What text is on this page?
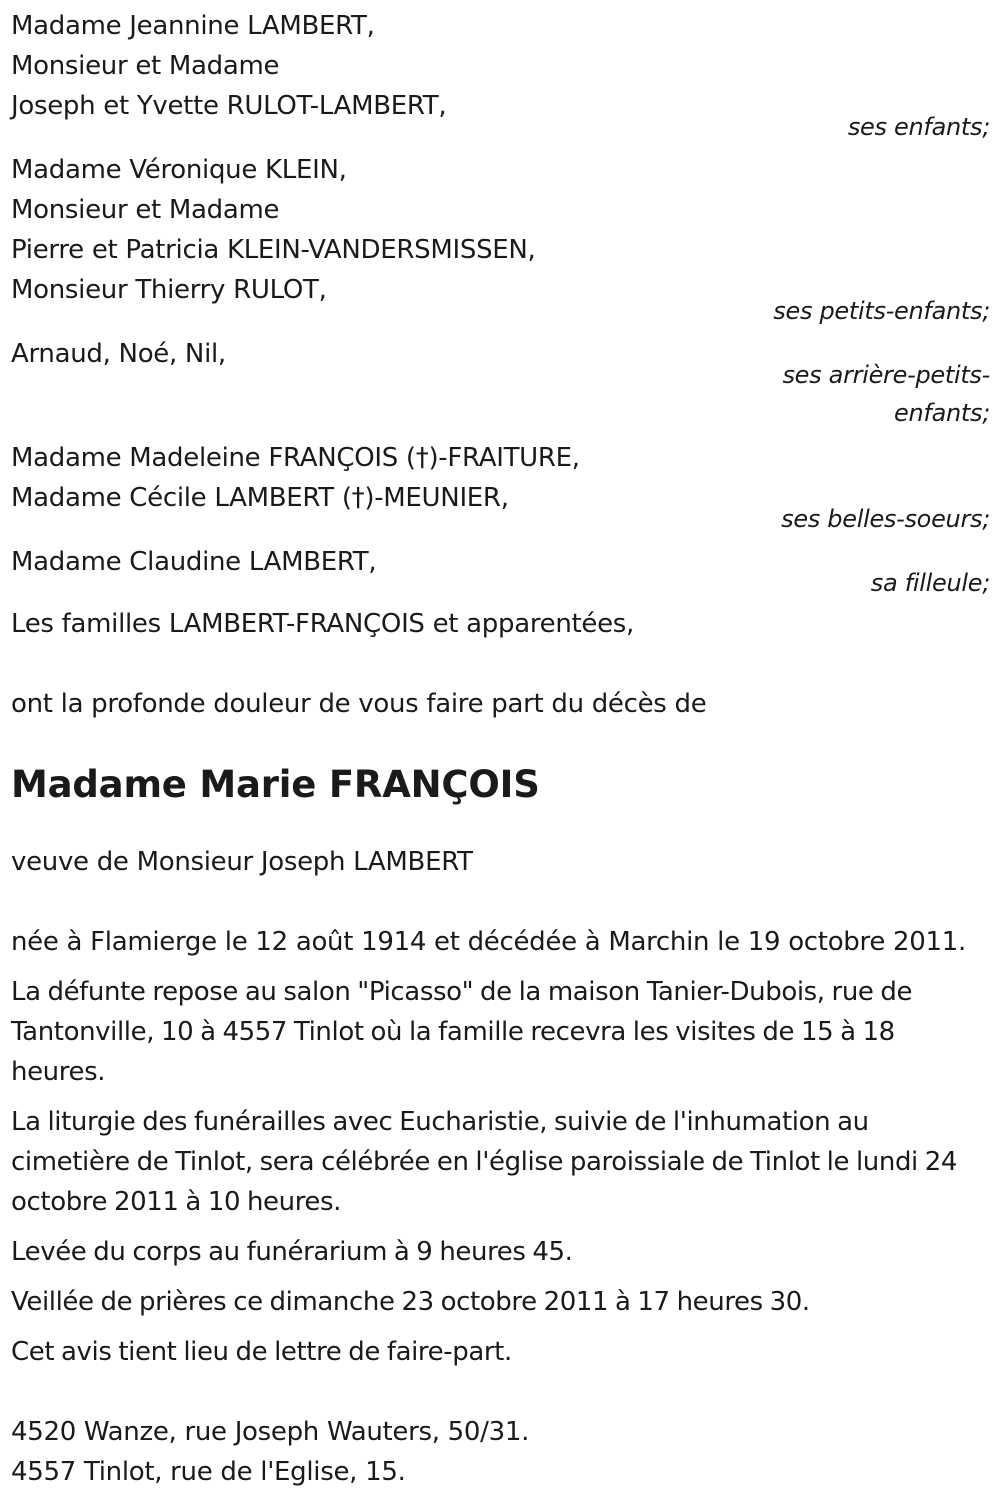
Madame Jeannine LAMBERT,
Monsieur et Madame
Joseph et Yvette RULOT-LAMBERT,
ses enfants;
Madame Véronique KLEIN,
Monsieur et Madame
Pierre et Patricia KLEIN-VANDERSMISSEN,
Monsieur Thierry RULOT,
ses petits-enfants;
Arnaud, Noé, Nil,
ses arrière-petits-
enfants;
Madame Madeleine FRANÇOIS (†)-FRAITURE,
Madame Cécile LAMBERT (†)-MEUNIER,
ses belles-soeurs;
Madame Claudine LAMBERT,
sa filleule;
Les familles LAMBERT-FRANÇOIS et apparentées,
ont la profonde douleur de vous faire part du décès de
Madame Marie FRANÇOIS
veuve de Monsieur Joseph LAMBERT
née à Flamierge le 12 août 1914 et décédée à Marchin le 19 octobre 2011.
La défunte repose au salon "Picasso" de la maison Tanier-Dubois, rue de Tantonville, 10 à 4557 Tinlot où la famille recevra les visites de 15 à 18 heures.
La liturgie des funérailles avec Eucharistie, suivie de l'inhumation au cimetière de Tinlot, sera célébrée en l'église paroissiale de Tinlot le lundi 24 octobre 2011 à 10 heures.
Levée du corps au funérarium à 9 heures 45.
Veillée de prières ce dimanche 23 octobre 2011 à 17 heures 30.
Cet avis tient lieu de lettre de faire-part.
4520 Wanze, rue Joseph Wauters, 50/31.
4557 Tinlot, rue de l'Eglise, 15.
